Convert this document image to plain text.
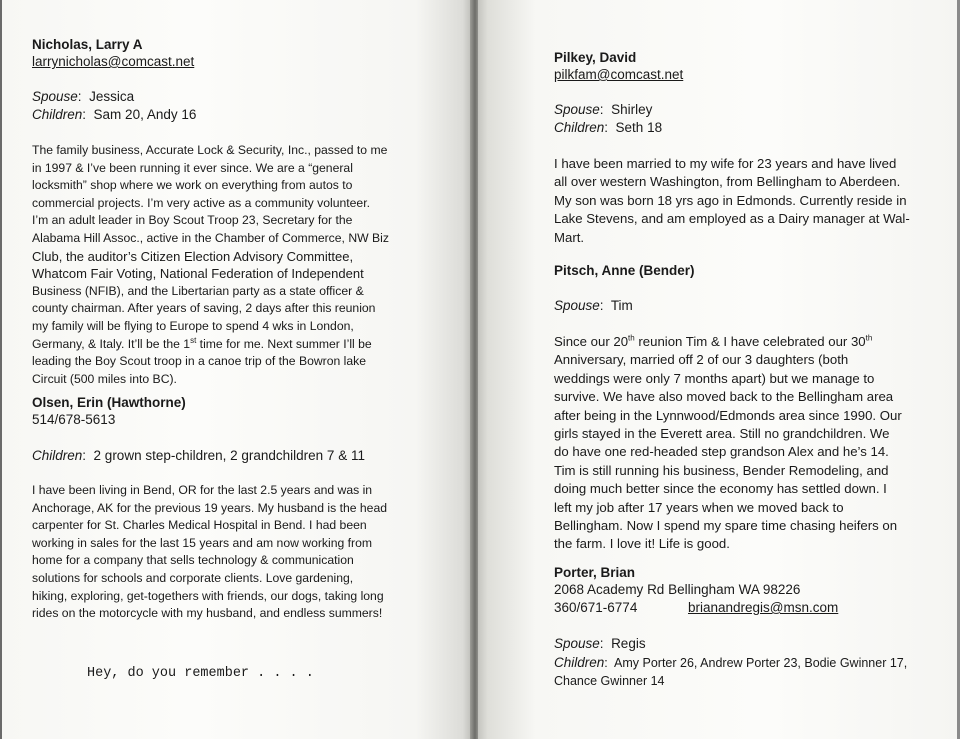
Nicholas, Larry A
larrynicholas@comcast.net
Spouse:  Jessica
Children:  Sam 20, Andy 16
The family business, Accurate Lock & Security, Inc., passed to me
in 1997 & I’ve been running it ever since. We are a “general
locksmith” shop where we work on everything from autos to
commercial projects. I’m very active as a community volunteer.
I’m an adult leader in Boy Scout Troop 23, Secretary for the
Alabama Hill Assoc., active in the Chamber of Commerce, NW Biz
Club, the auditor’s Citizen Election Advisory Committee,
Whatcom Fair Voting, National Federation of Independent
Business (NFIB), and the Libertarian party as a state officer &
county chairman. After years of saving, 2 days after this reunion
my family will be flying to Europe to spend 4 wks in London,
Germany, & Italy. It’ll be the 1st time for me. Next summer I’ll be
leading the Boy Scout troop in a canoe trip of the Bowron lake
Circuit (500 miles into BC).
Olsen, Erin (Hawthorne)
514/678-5613
Children:  2 grown step-children, 2 grandchildren 7 & 11
I have been living in Bend, OR for the last 2.5 years and was in
Anchorage, AK for the previous 19 years. My husband is the head
carpenter for St. Charles Medical Hospital in Bend. I had been
working in sales for the last 15 years and am now working from
home for a company that sells technology & communication
solutions for schools and corporate clients. Love gardening,
hiking, exploring, get-togethers with friends, our dogs, taking long
rides on the motorcycle with my husband, and endless summers!
Hey, do you remember . . . .
Pilkey, David
pilkfam@comcast.net
Spouse:  Shirley
Children:  Seth 18
I have been married to my wife for 23 years and have lived
all over western Washington, from Bellingham to Aberdeen.
My son was born 18 yrs ago in Edmonds. Currently reside in
Lake Stevens, and am employed as a Dairy manager at Wal-
Mart.
Pitsch, Anne (Bender)
Spouse:  Tim
Since our 20th reunion Tim & I have celebrated our 30th
Anniversary, married off 2 of our 3 daughters (both
weddings were only 7 months apart) but we manage to
survive. We have also moved back to the Bellingham area
after being in the Lynnwood/Edmonds area since 1990. Our
girls stayed in the Everett area. Still no grandchildren. We
do have one red-headed step grandson Alex and he’s 14.
Tim is still running his business, Bender Remodeling, and
doing much better since the economy has settled down. I
left my job after 17 years when we moved back to
Bellingham. Now I spend my spare time chasing heifers on
the farm. I love it! Life is good.
Porter, Brian
2068 Academy Rd Bellingham WA 98226
360/671-6774	brianandregis@msn.com
Spouse:  Regis
Children:  Amy Porter 26, Andrew Porter 23, Bodie Gwinner 17,
Chance Gwinner 14
